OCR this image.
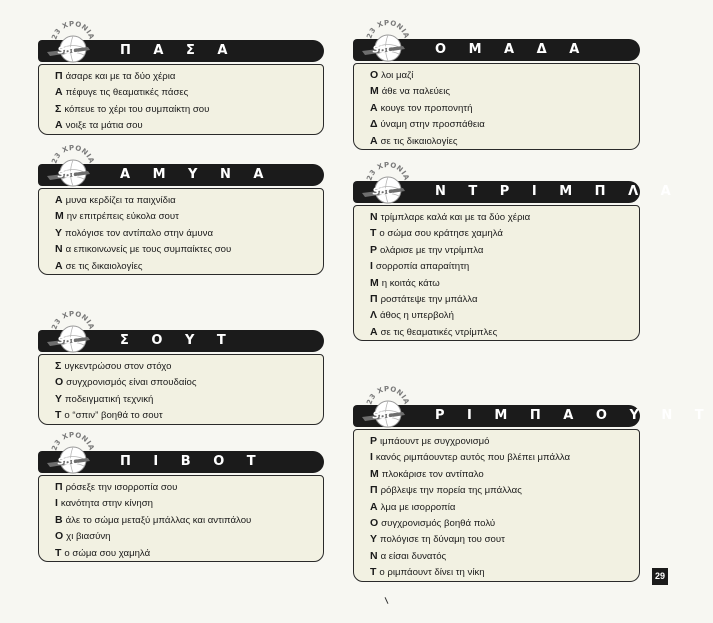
Π Α Σ Α
23 ΧΡΟΝΙΑ
SBC
Π άσαρε και με τα δύο χέρια
Α πέφυγε τις θεαματικές πάσες
Σ κόπευε το χέρι του συμπαίκτη σου
Α νοιξε τα μάτια σου
Α Μ Υ Ν Α
23 ΧΡΟΝΙΑ
SBC
Α μυνα κερδίζει τα παιχνίδια
Μ ην επιτρέπεις εύκολα σουτ
Υ πολόγισε τον αντίπαλο στην άμυνα
Ν α επικοινωνείς με τους συμπαίκτες σου
Α σε τις δικαιολογίες
Σ Ο Υ Τ
23 ΧΡΟΝΙΑ
SBC
Σ υγκεντρώσου στον στόχο
Ο συγχρονισμός είναι σπουδαίος
Υ ποδειγματική τεχνική
Τ ο “σπιν” βοηθά το σουτ
Π Ι Β Ο Τ
23 ΧΡΟΝΙΑ
SBC
Π ρόσεξε την ισορροπία σου
Ι κανότητα στην κίνηση
Β άλε το σώμα μεταξύ μπάλλας και αντιπάλου
Ο χι βιασύνη
Τ ο σώμα σου χαμηλά
Ο Μ Α Δ Α
23 ΧΡΟΝΙΑ
SBC
Ο λοι μαζί
Μ άθε να παλεύεις
Α κουγε τον προπονητή
Δ ύναμη στην προσπάθεια
Α σε τις δικαιολογίες
Ν Τ Ρ Ι Μ Π Λ Α
23 ΧΡΟΝΙΑ
SBC
Ν τρίμπλαρε καλά και με τα δύο χέρια
Τ ο σώμα σου κράτησε χαμηλά
Ρ ολάρισε με την ντρίμπλα
Ι σορροπία απαραίτητη
Μ η κοιτάς κάτω
Π ροστάτεψε την μπάλλα
Λ άθος η υπερβολή
Α σε τις θεαματικές ντρίμπλες
Ρ Ι Μ Π Α Ο Υ Ν Τ
23 ΧΡΟΝΙΑ
SBC
Ρ ιμπάουντ με συγχρονισμό
Ι κανός ριμπάουντερ αυτός που βλέπει μπάλλα
Μ πλοκάρισε τον αντίπαλο
Π ρόβλεψε την πορεία της μπάλλας
Α λμα με ισορροπία
Ο συγχρονισμός βοηθά πολύ
Υ πολόγισε τη δύναμη του σουτ
Ν α είσαι δυνατός
Τ ο ριμπάουντ δίνει τη νίκη	29
